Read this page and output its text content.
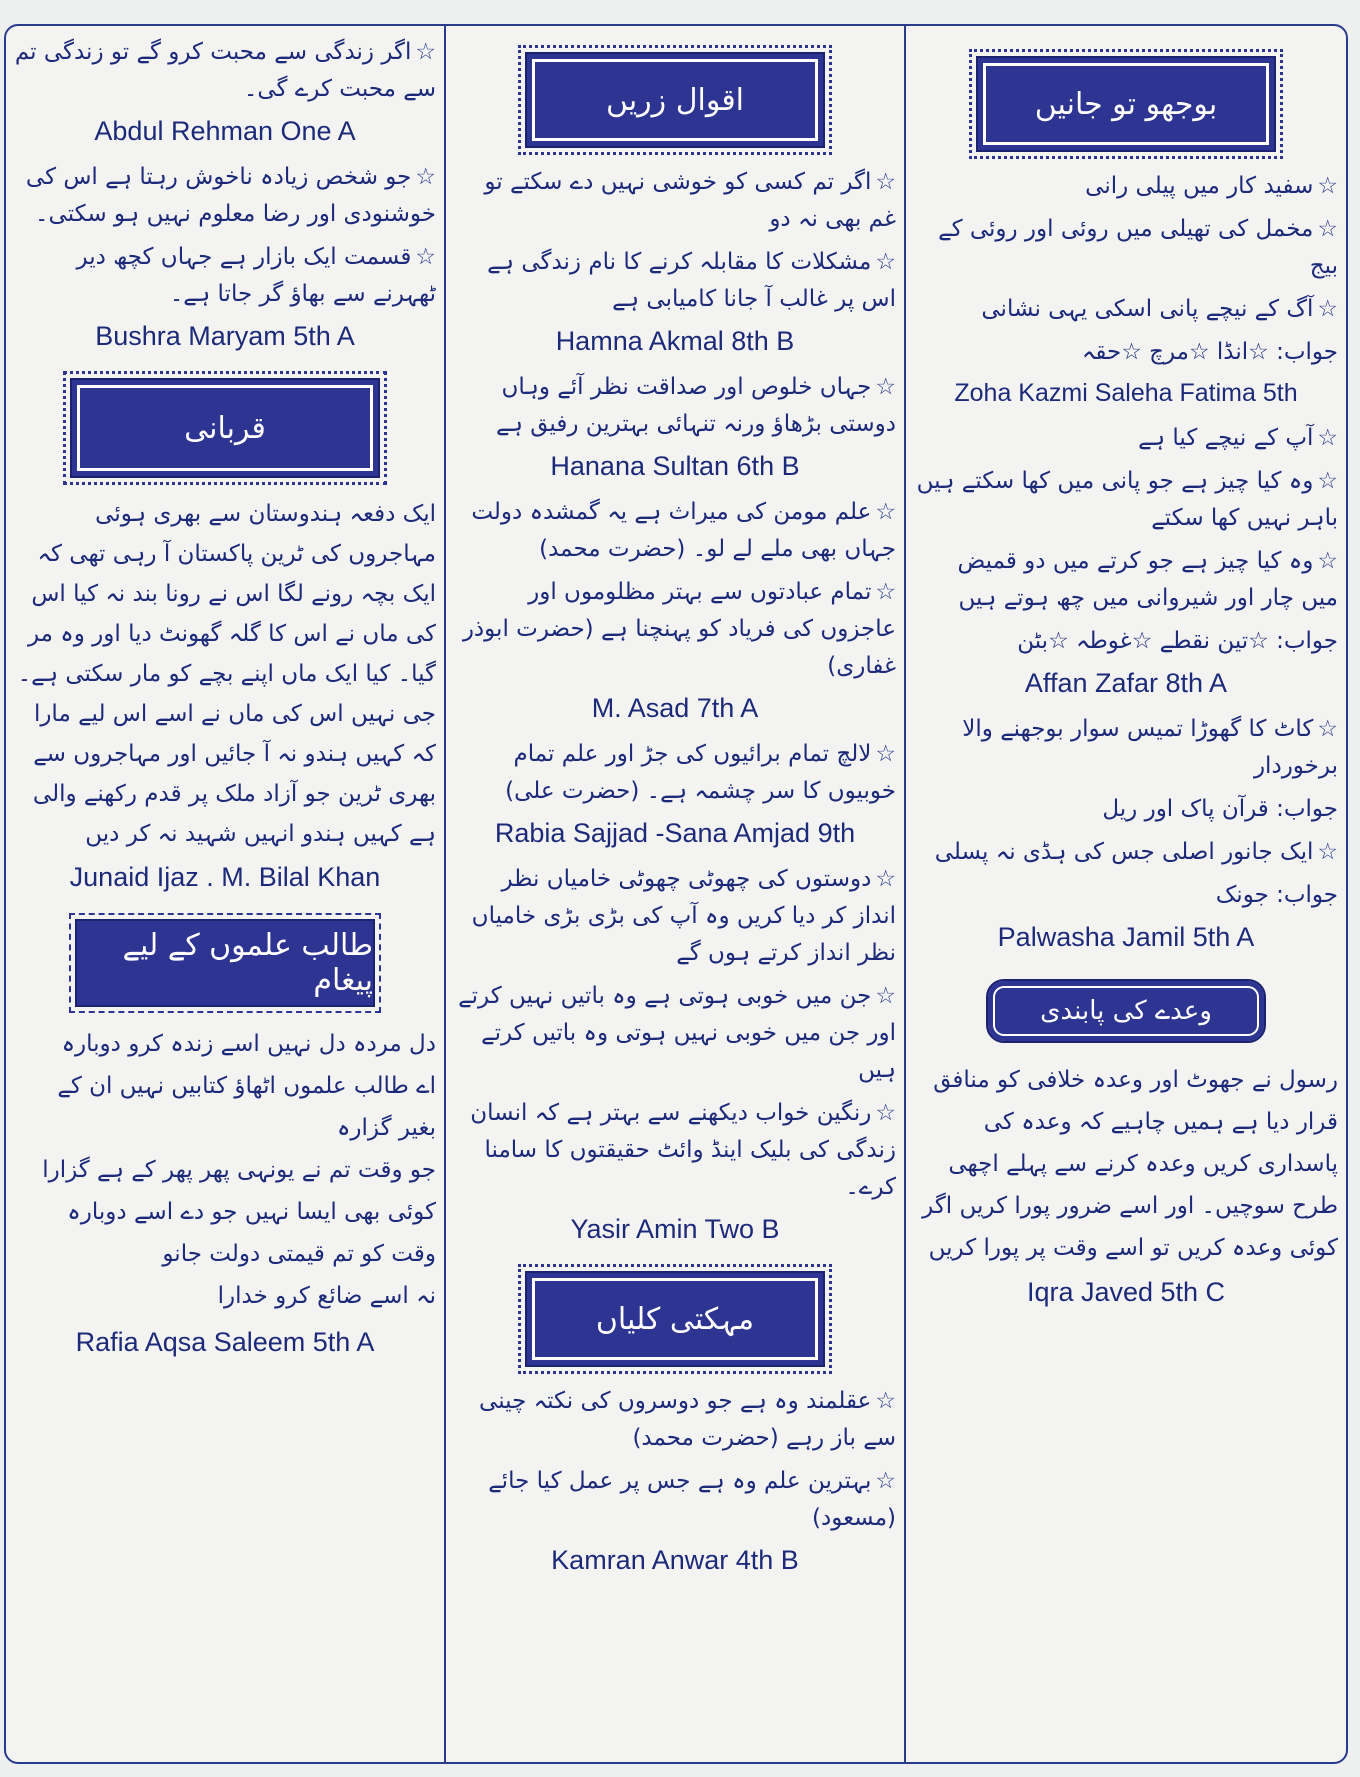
☆اگر زندگی سے محبت کرو گے تو زندگی تم سے محبت کرے گی۔

Abdul Rehman One A

☆جو شخص زیادہ ناخوش رہتا ہے اس کی خوشنودی اور رضا معلوم نہیں ہو سکتی۔

☆قسمت ایک بازار ہے جہاں کچھ دیر ٹھہرنے سے بھاؤ گر جاتا ہے۔

Bushra Maryam 5th A
قربانی

ایک دفعہ ہندوستان سے بھری ہوئی مہاجروں کی ٹرین پاکستان آ رہی تھی کہ ایک بچہ رونے لگا اس نے رونا بند نہ کیا اس کی ماں نے اس کا گلہ گھونٹ دیا اور وہ مر گیا۔ کیا ایک ماں اپنے بچے کو مار سکتی ہے۔ جی نہیں اس کی ماں نے اسے اس لیے مارا کہ کہیں ہندو نہ آ جائیں اور مہاجروں سے بھری ٹرین جو آزاد ملک پر قدم رکھنے والی ہے کہیں ہندو انہیں شہید نہ کر دیں

Junaid Ijaz . M. Bilal Khan
طالب علموں کے لیے پیغام

دل مردہ دل نہیں اسے زندہ کرو دوبارہ

اے طالب علموں اٹھاؤ کتابیں نہیں ان کے بغیر گزارہ

جو وقت تم نے یونہی پھر پھر کے ہے گزارا

کوئی بھی ایسا نہیں جو دے اسے دوبارہ

وقت کو تم قیمتی دولت جانو

نہ اسے ضائع کرو خدارا

Rafia Aqsa Saleem 5th A
اقوال زریں

☆اگر تم کسی کو خوشی نہیں دے سکتے تو غم بھی نہ دو

☆مشکلات کا مقابلہ کرنے کا نام زندگی ہے اس پر غالب آ جانا کامیابی ہے

Hamna Akmal 8th B

☆جہاں خلوص اور صداقت نظر آئے وہاں دوستی بڑھاؤ ورنہ تنہائی بہترین رفیق ہے

Hanana Sultan 6th B

☆علم مومن کی میراث ہے یہ گمشدہ دولت جہاں بھی ملے لے لو۔ (حضرت محمد)

☆تمام عبادتوں سے بہتر مظلوموں اور عاجزوں کی فریاد کو پہنچنا ہے (حضرت ابوذر غفاری)

M. Asad 7th A

☆لالچ تمام برائیوں کی جڑ اور علم تمام خوبیوں کا سر چشمہ ہے۔ (حضرت علی)

Rabia Sajjad -Sana Amjad 9th

☆دوستوں کی چھوٹی چھوٹی خامیاں نظر انداز کر دیا کریں وہ آپ کی بڑی بڑی خامیاں نظر انداز کرتے ہوں گے

☆جن میں خوبی ہوتی ہے وہ باتیں نہیں کرتے اور جن میں خوبی نہیں ہوتی وہ باتیں کرتے ہیں

☆رنگین خواب دیکھنے سے بہتر ہے کہ انسان زندگی کی بلیک اینڈ وائٹ حقیقتوں کا سامنا کرے۔

Yasir Amin Two B
مہکتی کلیاں

☆عقلمند وہ ہے جو دوسروں کی نکتہ چینی سے باز رہے (حضرت محمد)

☆بہترین علم وہ ہے جس پر عمل کیا جائے (مسعود)

Kamran Anwar 4th B
بوجھو تو جانیں

☆سفید کار میں پیلی رانی

☆مخمل کی تھیلی میں روئی اور روئی کے بیج

☆آگ کے نیچے پانی اسکی یہی نشانی

جواب: ☆انڈا ☆مرچ ☆حقہ

Zoha Kazmi Saleha Fatima 5th

☆آپ کے نیچے کیا ہے

☆وہ کیا چیز ہے جو پانی میں کھا سکتے ہیں باہر نہیں کھا سکتے

☆وہ کیا چیز ہے جو کرتے میں دو قمیض میں چار اور شیروانی میں چھ ہوتے ہیں

جواب: ☆تین نقطے ☆غوطہ ☆بٹن

Affan Zafar 8th A

☆کاٹ کا گھوڑا تمیس سوار بوجھنے والا برخوردار

جواب: قرآن پاک اور ریل

☆ایک جانور اصلی جس کی ہڈی نہ پسلی

جواب: جونک

Palwasha Jamil 5th A
وعدے کی پابندی

رسول نے جھوٹ اور وعدہ خلافی کو منافق قرار دیا ہے ہمیں چاہیے کہ وعدہ کی پاسداری کریں وعدہ کرنے سے پہلے اچھی طرح سوچیں۔ اور اسے ضرور پورا کریں اگر کوئی وعدہ کریں تو اسے وقت پر پورا کریں

Iqra Javed 5th C
